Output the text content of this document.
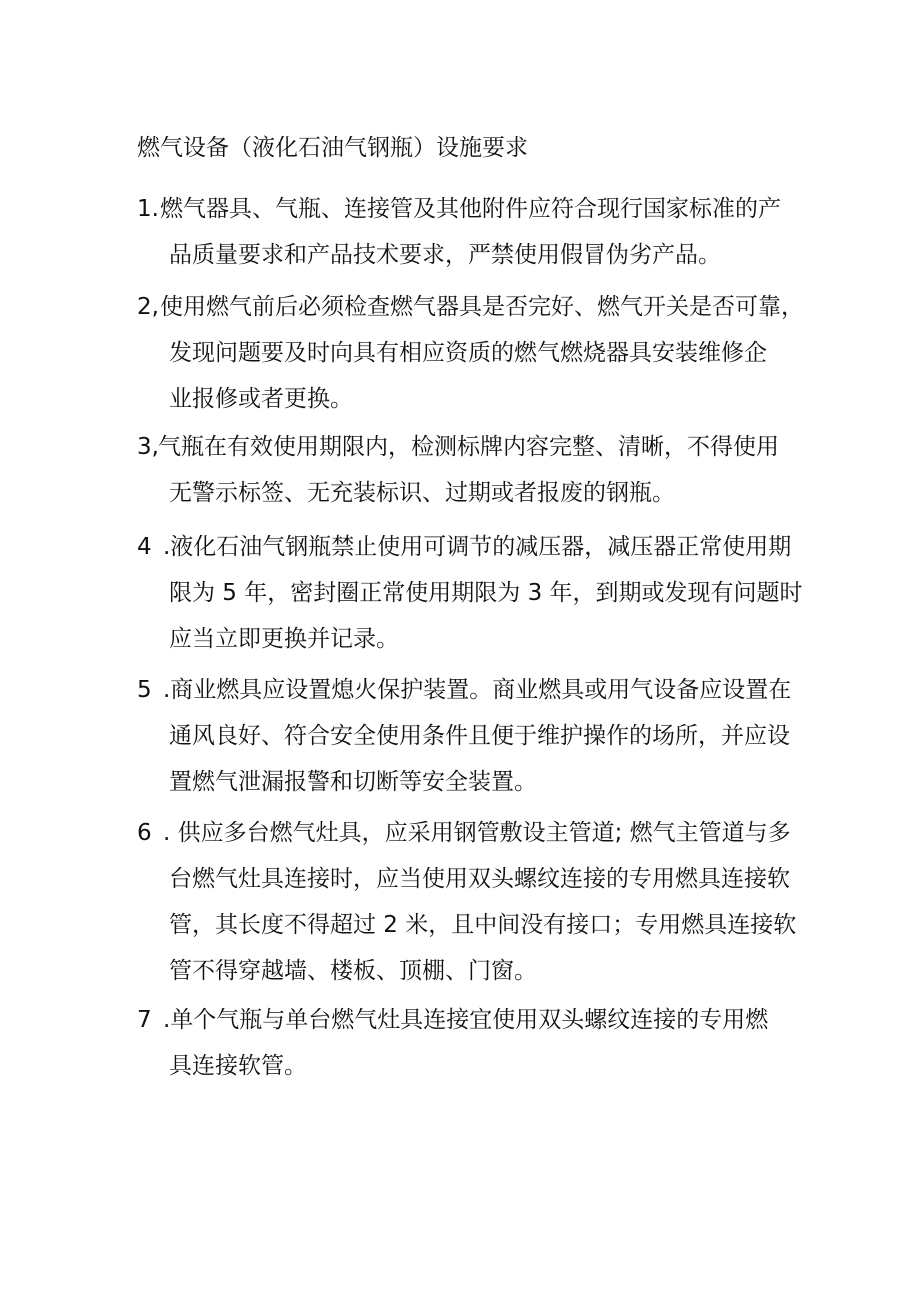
燃气设备（液化石油气钢瓶）设施要求
1. 燃气器具、气瓶、连接管及其他附件应符合现行国家标准的产
品质量要求和产品技术要求，严禁使用假冒伪劣产品。
2, 使用燃气前后必须检查燃气器具是否完好、燃气开关是否可靠，
发现问题要及时向具有相应资质的燃气燃烧器具安装维修企
业报修或者更换。
3, 气瓶在有效使用期限内，检测标牌内容完整、清晰，不得使用
无警示标签、无充装标识、过期或者报废的钢瓶。
4 .液化石油气钢瓶禁止使用可调节的减压器，减压器正常使用期
限为 5 年，密封圈正常使用期限为 3 年，到期或发现有问题时
应当立即更换并记录。
5 .商业燃具应设置熄火保护装置。商业燃具或用气设备应设置在
通风良好、符合安全使用条件且便于维护操作的场所，并应设
置燃气泄漏报警和切断等安全装置。
6 . 供应多台燃气灶具，应采用钢管敷设主管道; 燃气主管道与多
台燃气灶具连接时，应当使用双头螺纹连接的专用燃具连接软
管，其长度不得超过 2 米，且中间没有接口；专用燃具连接软
管不得穿越墙、楼板、顶棚、门窗。
7 .单个气瓶与单台燃气灶具连接宜使用双头螺纹连接的专用燃
具连接软管。
